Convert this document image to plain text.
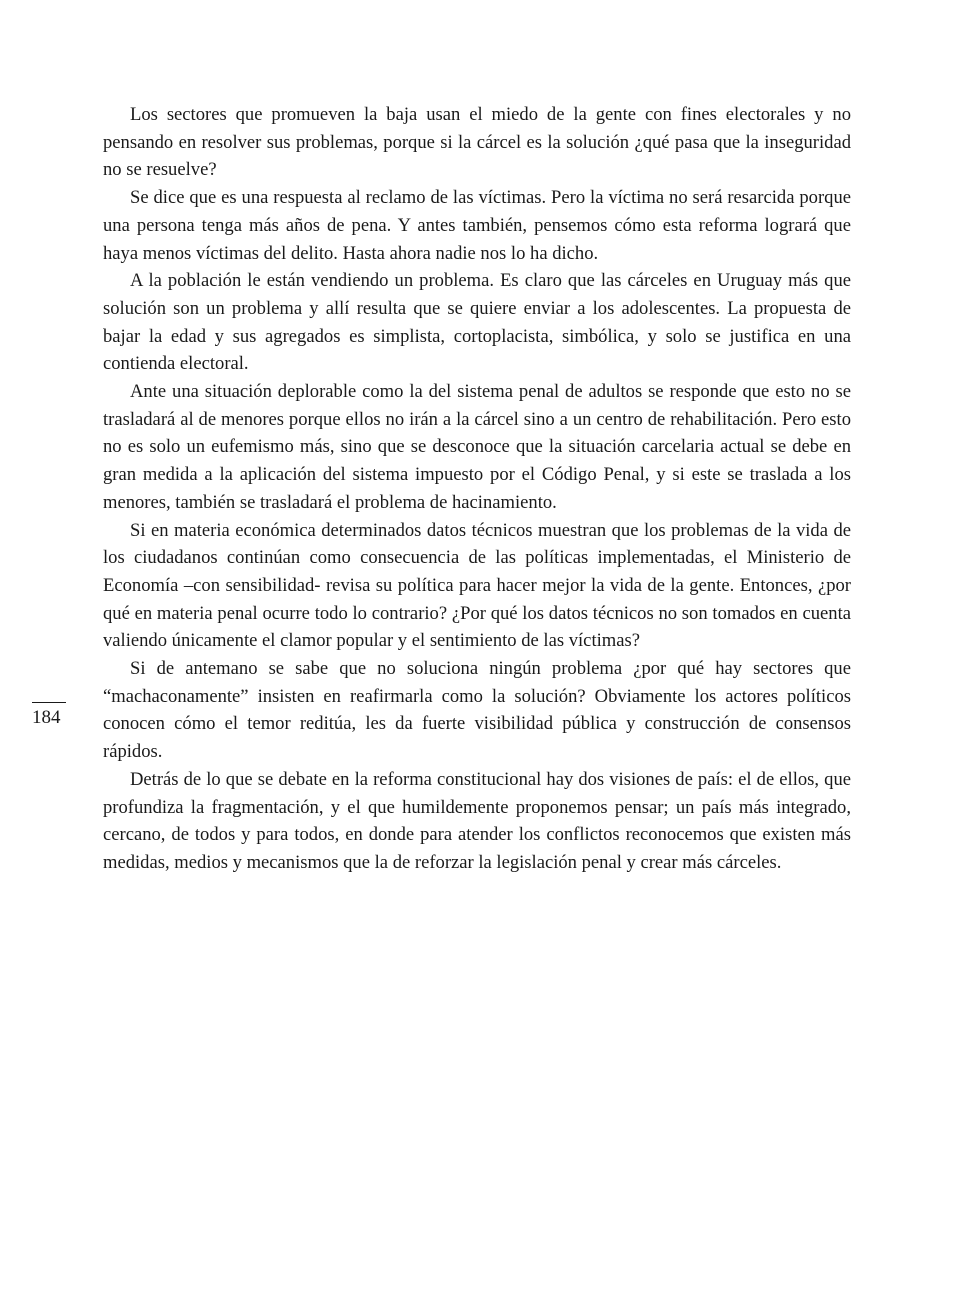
Los sectores que promueven la baja usan el miedo de la gente con fines electorales y no pensando en resolver sus problemas, porque si la cárcel es la solución ¿qué pasa que la inseguridad no se resuelve?

Se dice que es una respuesta al reclamo de las víctimas. Pero la víctima no será resarcida porque una persona tenga más años de pena. Y antes también, pensemos cómo esta reforma logrará que haya menos víctimas del delito. Hasta ahora nadie nos lo ha dicho.

A la población le están vendiendo un problema. Es claro que las cárceles en Uruguay más que solución son un problema y allí resulta que se quiere enviar a los adolescentes. La propuesta de bajar la edad y sus agregados es simplista, cortoplacista, simbólica, y solo se justifica en una contienda electoral.

Ante una situación deplorable como la del sistema penal de adultos se responde que esto no se trasladará al de menores porque ellos no irán a la cárcel sino a un centro de rehabilitación. Pero esto no es solo un eufemismo más, sino que se desconoce que la situación carcelaria actual se debe en gran medida a la aplicación del sistema impuesto por el Código Penal, y si este se traslada a los menores, también se trasladará el problema de hacinamiento.

Si en materia económica determinados datos técnicos muestran que los problemas de la vida de los ciudadanos continúan como consecuencia de las políticas implementadas, el Ministerio de Economía –con sensibilidad- revisa su política para hacer mejor la vida de la gente. Entonces, ¿por qué en materia penal ocurre todo lo contrario? ¿Por qué los datos técnicos no son tomados en cuenta valiendo únicamente el clamor popular y el sentimiento de las víctimas?

Si de antemano se sabe que no soluciona ningún problema ¿por qué hay sectores que “machaconamente” insisten en reafirmarla como la solución? Obviamente los actores políticos conocen cómo el temor reditúa, les da fuerte visibilidad pública y construcción de consensos rápidos.

Detrás de lo que se debate en la reforma constitucional hay dos visiones de país: el de ellos, que profundiza la fragmentación, y el que humildemente proponemos pensar; un país más integrado, cercano, de todos y para todos, en donde para atender los conflictos reconocemos que existen más medidas, medios y mecanismos que la de reforzar la legislación penal y crear más cárceles.

184
